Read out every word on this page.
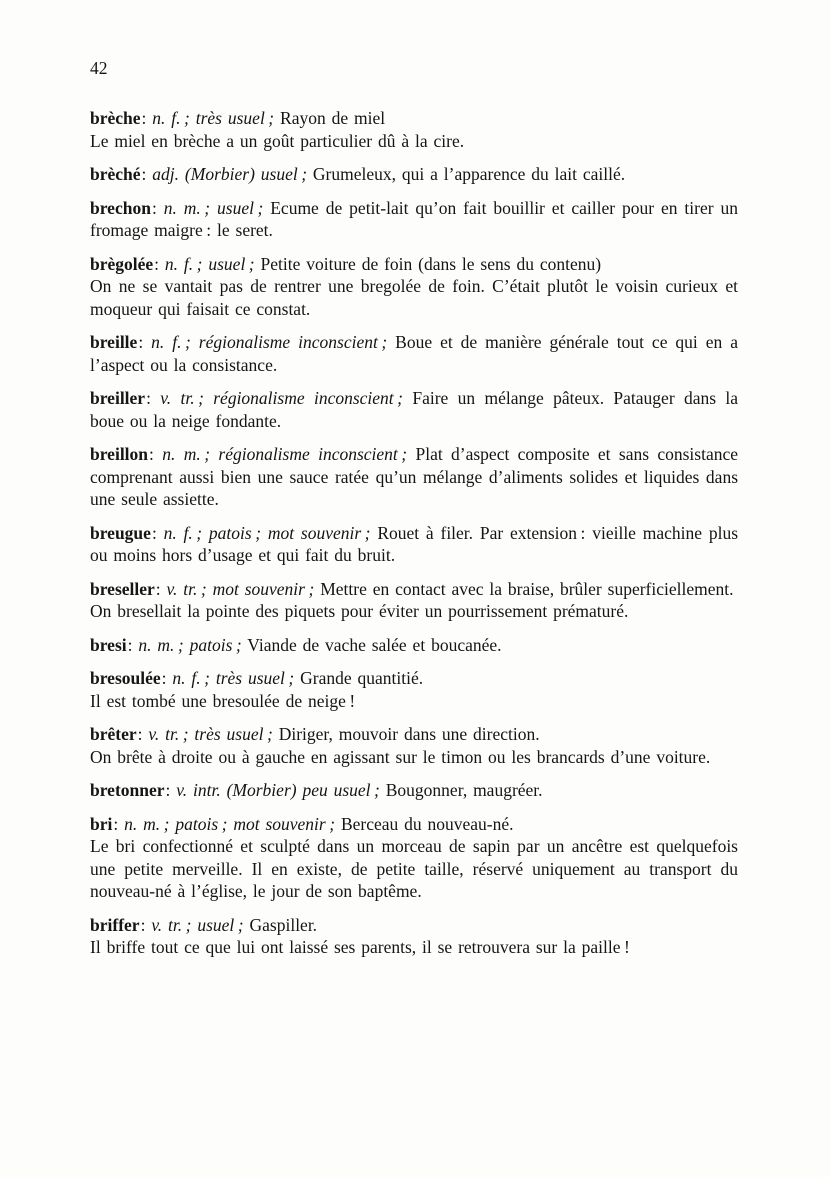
42

brèche: n. f. ; très usuel ; Rayon de miel
Le miel en brèche a un goût particulier dû à la cire.

brèché: adj. (Morbier) usuel ; Grumeleux, qui a l’apparence du lait caillé.

brechon: n. m. ; usuel ; Ecume de petit-lait qu’on fait bouillir et cailler pour en tirer un fromage maigre : le seret.

brègolée: n. f. ; usuel ; Petite voiture de foin (dans le sens du contenu)
On ne se vantait pas de rentrer une bregolée de foin. C’était plutôt le voisin curieux et moqueur qui faisait ce constat.

breille: n. f. ; régionalisme inconscient ; Boue et de manière générale tout ce qui en a l’aspect ou la consistance.

breiller: v. tr. ; régionalisme inconscient ; Faire un mélange pâteux. Patauger dans la boue ou la neige fondante.

breillon: n. m. ; régionalisme inconscient ; Plat d’aspect composite et sans consistance comprenant aussi bien une sauce ratée qu’un mélange d’aliments solides et liquides dans une seule assiette.

breugue: n. f. ; patois ; mot souvenir ; Rouet à filer. Par extension : vieille machine plus ou moins hors d’usage et qui fait du bruit.

breseller: v. tr. ; mot souvenir ; Mettre en contact avec la braise, brûler superficiellement.
On bresellait la pointe des piquets pour éviter un pourrissement prématuré.

bresi: n. m. ; patois ; Viande de vache salée et boucanée.

bresoulée: n. f. ; très usuel ; Grande quantitié.
Il est tombé une bresoulée de neige !

brêter: v. tr. ; très usuel ; Diriger, mouvoir dans une direction.
On brête à droite ou à gauche en agissant sur le timon ou les brancards d’une voiture.

bretonner: v. intr. (Morbier) peu usuel ; Bougonner, maugréer.

bri: n. m. ; patois ; mot souvenir ; Berceau du nouveau-né.
Le bri confectionné et sculpté dans un morceau de sapin par un ancêtre est quelquefois une petite merveille. Il en existe, de petite taille, réservé uniquement au transport du nouveau-né à l’église, le jour de son baptême.

briffer: v. tr. ; usuel ; Gaspiller.
Il briffe tout ce que lui ont laissé ses parents, il se retrouvera sur la paille !
